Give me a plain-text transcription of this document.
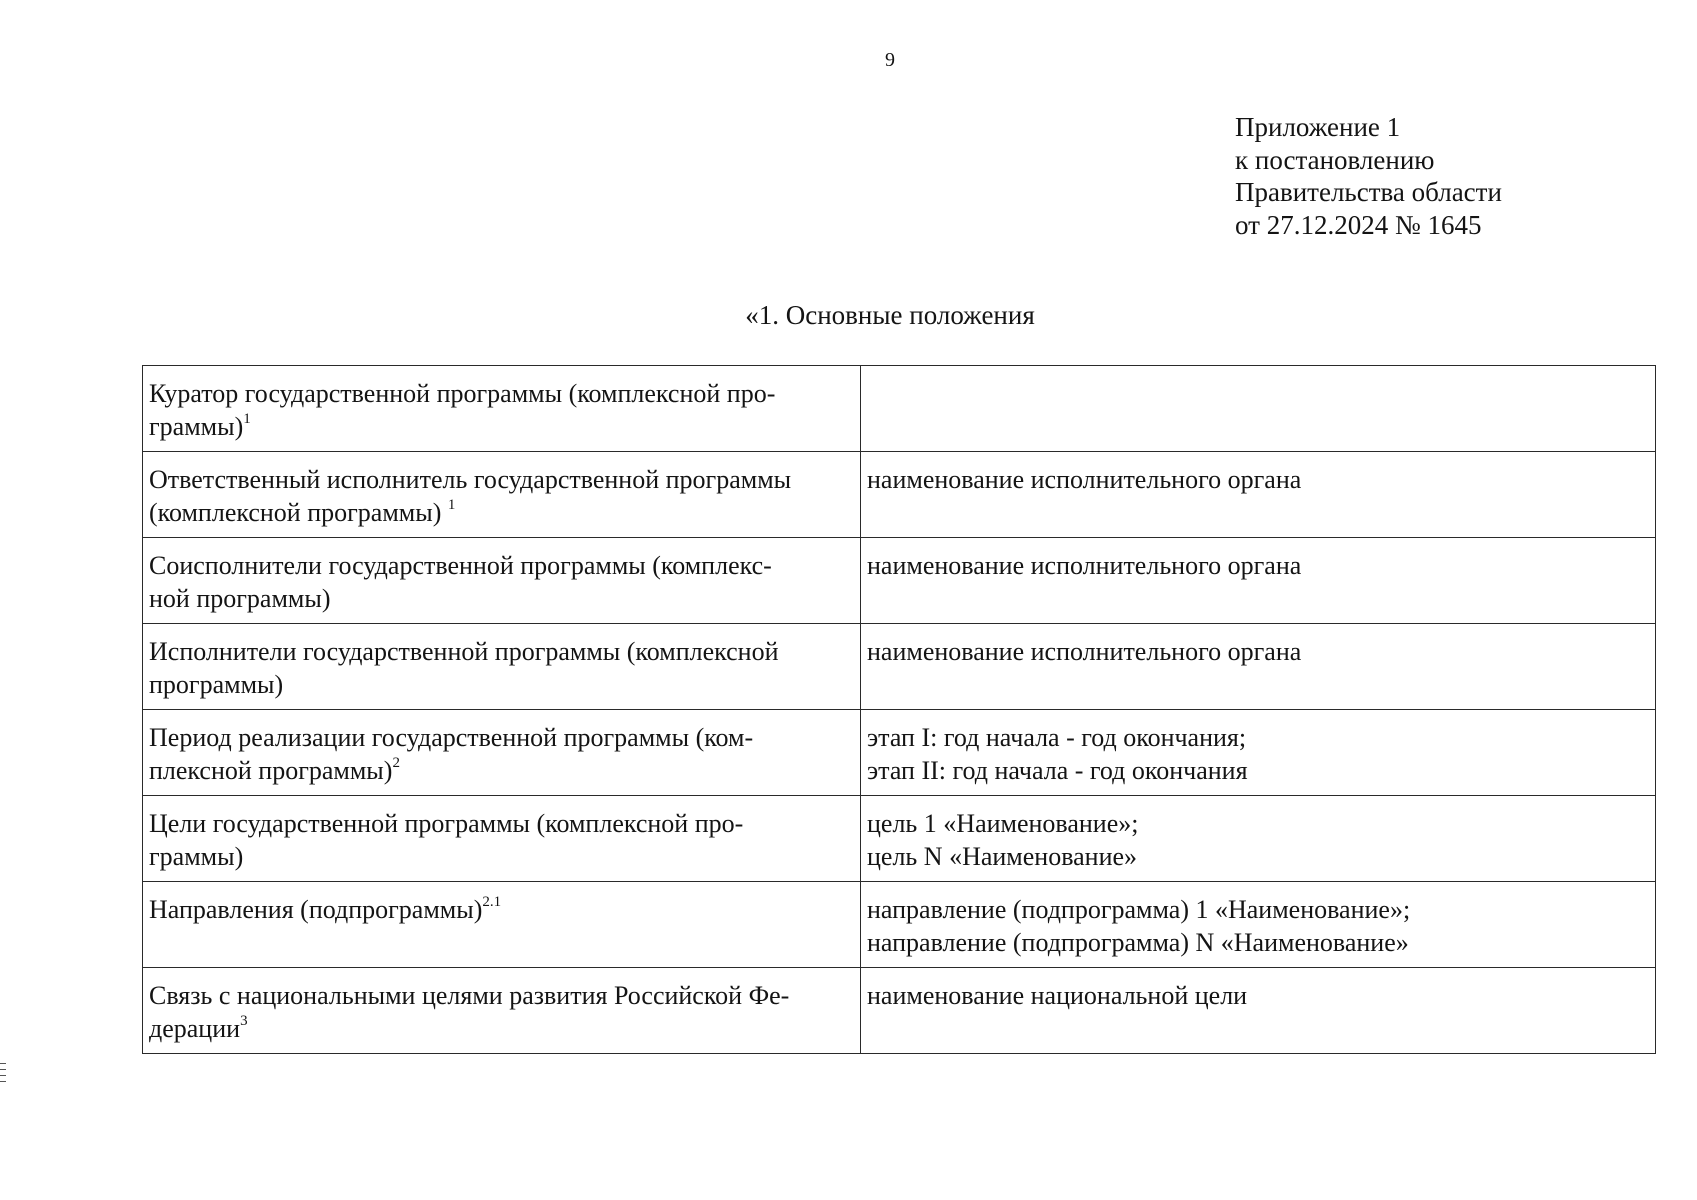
9
Приложение 1
к постановлению
Правительства области
от 27.12.2024 № 1645
«1. Основные положения
Куратор государственной программы (комплексной про-
граммы)$^1$

Ответственный исполнитель государственной программы
(комплексной программы) $^1$	наименование исполнительного органа

Соисполнители государственной программы (комплекс-
ной программы)	наименование исполнительного органа

Исполнители государственной программы (комплексной
программы)	наименование исполнительного органа

Период реализации государственной программы (ком-
плексной программы)$^2$	этап I: год начала - год окончания;
этап II: год начала - год окончания

Цели государственной программы (комплексной про-
граммы)	цель 1 «Наименование»;
цель N «Наименование»

Направления (подпрограммы)$^{2.1}$	направление (подпрограмма) 1 «Наименование»;
направление (подпрограмма) N «Наименование»

Связь с национальными целями развития Российской Фе-
дерации$^3$	наименование национальной цели
